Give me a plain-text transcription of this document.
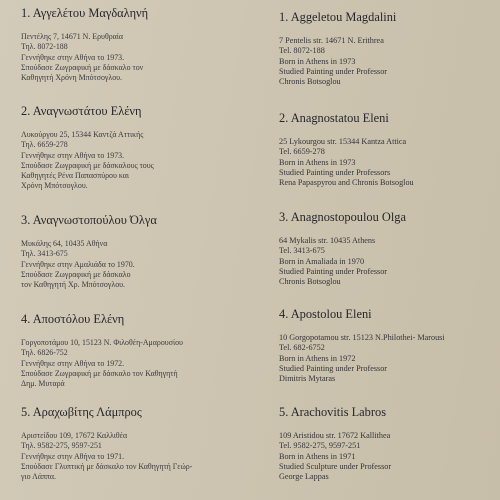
1. Αγγελέτου Μαγδαληνή
Πεντέλης 7, 14671 Ν. Ερυθραία
Τηλ. 8072-188
Γεννήθηκε στην Αθήνα το 1973.
Σπούδασε Ζωγραφική με δάσκαλο τον
Καθηγητή Χρόνη Μπότσογλου.
2. Αναγνωστάτου Ελένη
Λυκούργου 25, 15344 Καντζά Αττικής
Τηλ. 6659-278
Γεννήθηκε στην Αθήνα το 1973.
Σπούδασε Ζωγραφική με δάσκαλους τους
Καθηγητές Ρένα Παπασπύρου και
Χρόνη Μπότσογλου.
3. Αναγνωστοπούλου Όλγα
Μυκάλης 64, 10435 Αθήνα
Τηλ. 3413-675
Γεννήθηκε στην Αμαλιάδα το 1970.
Σπούδασε Ζωγραφική με δάσκαλο
τον Καθηγητή Χρ. Μπότσογλου.
4. Αποστόλου Ελένη
Γοργοποτάμου 10, 15123 Ν. Φιλοθέη-Αμαρουσίου
Τηλ. 6826-752
Γεννήθηκε στην Αθήνα το 1972.
Σπούδασε Ζωγραφική με δάσκαλο τον Καθηγητή
Δημ. Μυταρά
5. Αραχωβίτης Λάμπρος
Αριστείδου 109, 17672 Καλλιθέα
Τηλ. 9582-275, 9597-251
Γεννήθηκε στην Αθήνα το 1971.
Σπούδασε Γλυπτική με δάσκαλο τον Καθηγητή Γεώρ-
γιο Λάππα.
1. Aggeletou Magdalini
7 Pentelis str. 14671 N. Erithrea
Tel. 8072-188
Born in Athens in 1973
Studied Painting under Professor
Chronis Botsoglou
2. Anagnostatou Eleni
25 Lykourgou str. 15344 Kantza Attica
Tel. 6659-278
Born in Athens in 1973
Studied Painting under Professors
Rena Papaspyrou and Chronis Botsoglou
3. Anagnostopoulou Olga
64 Mykalis str. 10435 Athens
Tel. 3413-675
Born in Amaliada in 1970
Studied Painting under Professor
Chronis Botsoglou
4. Apostolou Eleni
10 Gorgopotamou str. 15123 N.Philothei- Marousi
Tel. 682-6752
Born in Athens in 1972
Studied Painting under Professor
Dimitris Mytaras
5. Arachovitis Labros
109 Aristidou str. 17672 Kallithea
Tel. 9582-275, 9597-251
Born in Athens in 1971
Studied Sculpture under Professor
George Lappas
